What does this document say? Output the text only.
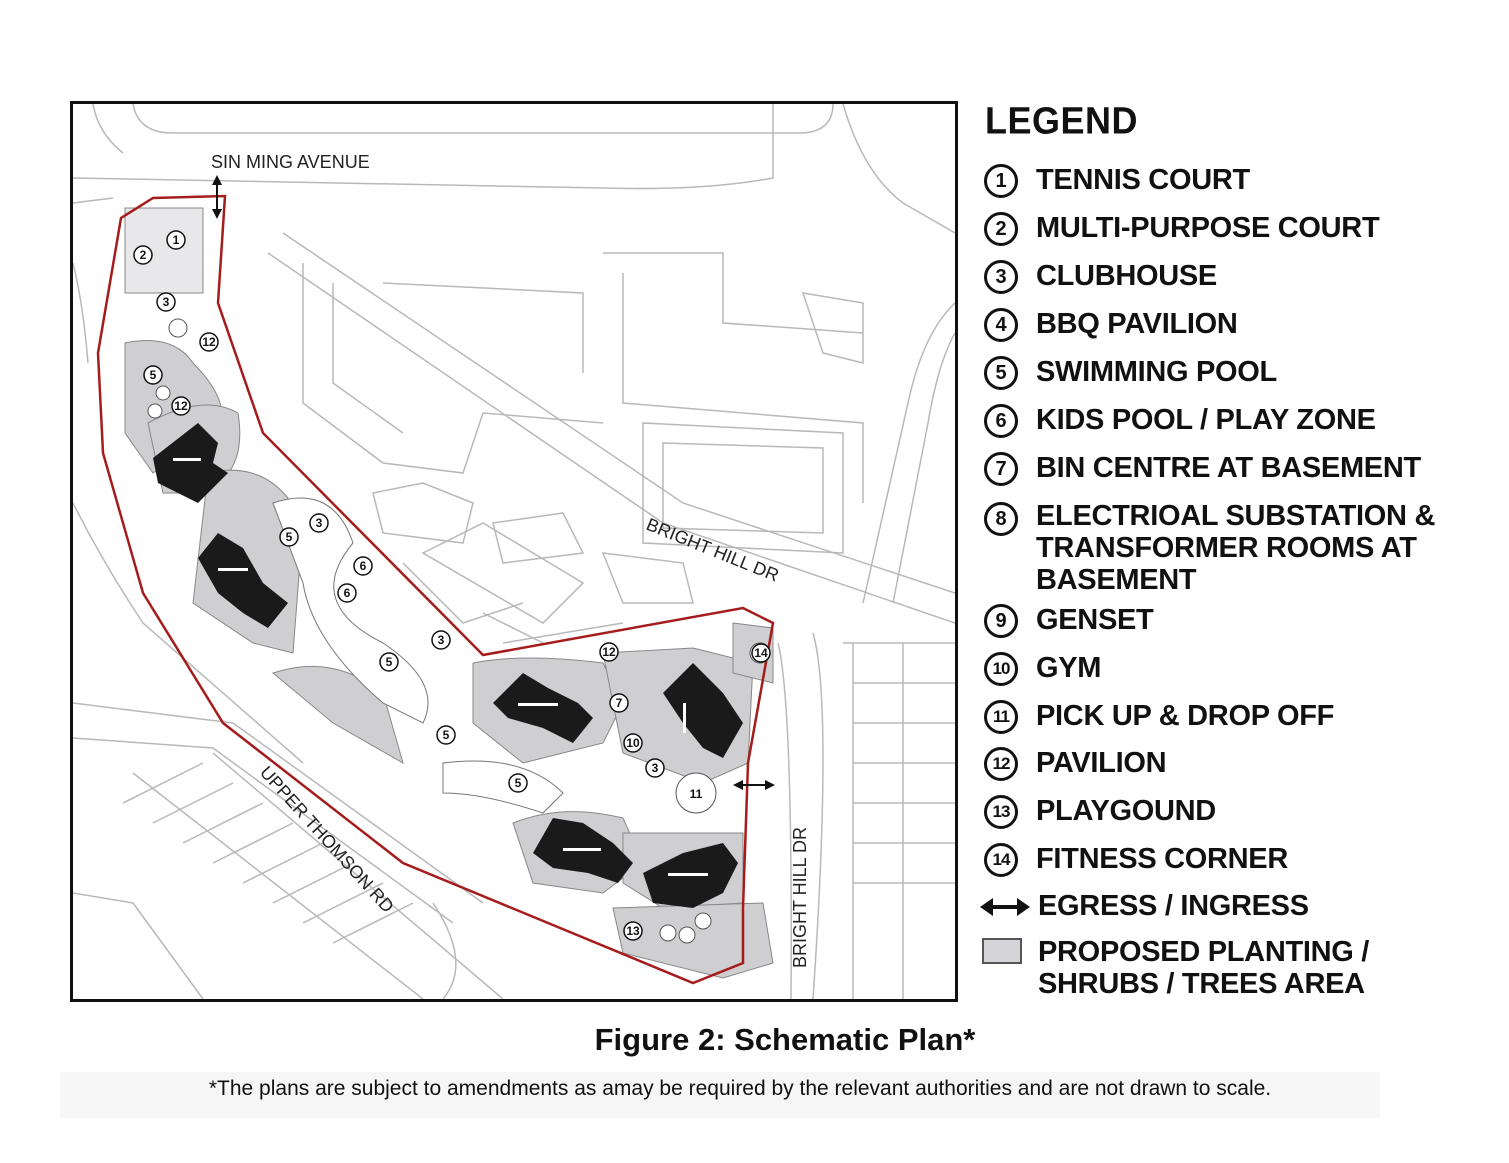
SIN MING AVENUE
BRIGHT HILL DR
UPPER THOMSON RD	BRIGHT HILL DR
1
2
3
12
5
12
5
3
6
6
5
3
12	14
7
10
5
3
5
11
13
LEGEND
1	TENNIS COURT
2	MULTI-PURPOSE COURT
3	CLUBHOUSE
4	BBQ PAVILION
5	SWIMMING POOL
6	KIDS POOL / PLAY ZONE
7	BIN CENTRE AT BASEMENT
8	ELECTRIOAL SUBSTATION &
TRANSFORMER ROOMS AT
BASEMENT
9	GENSET
10 GYM
11 PICK UP & DROP OFF
12 PAVILION
13 PLAYGOUND
14 FITNESS CORNER
EGRESS / INGRESS
PROPOSED PLANTING /
SHRUBS / TREES AREA
Figure 2: Schematic Plan*
*The plans are subject to amendments as amay be required by the relevant authorities and are not drawn to scale.
